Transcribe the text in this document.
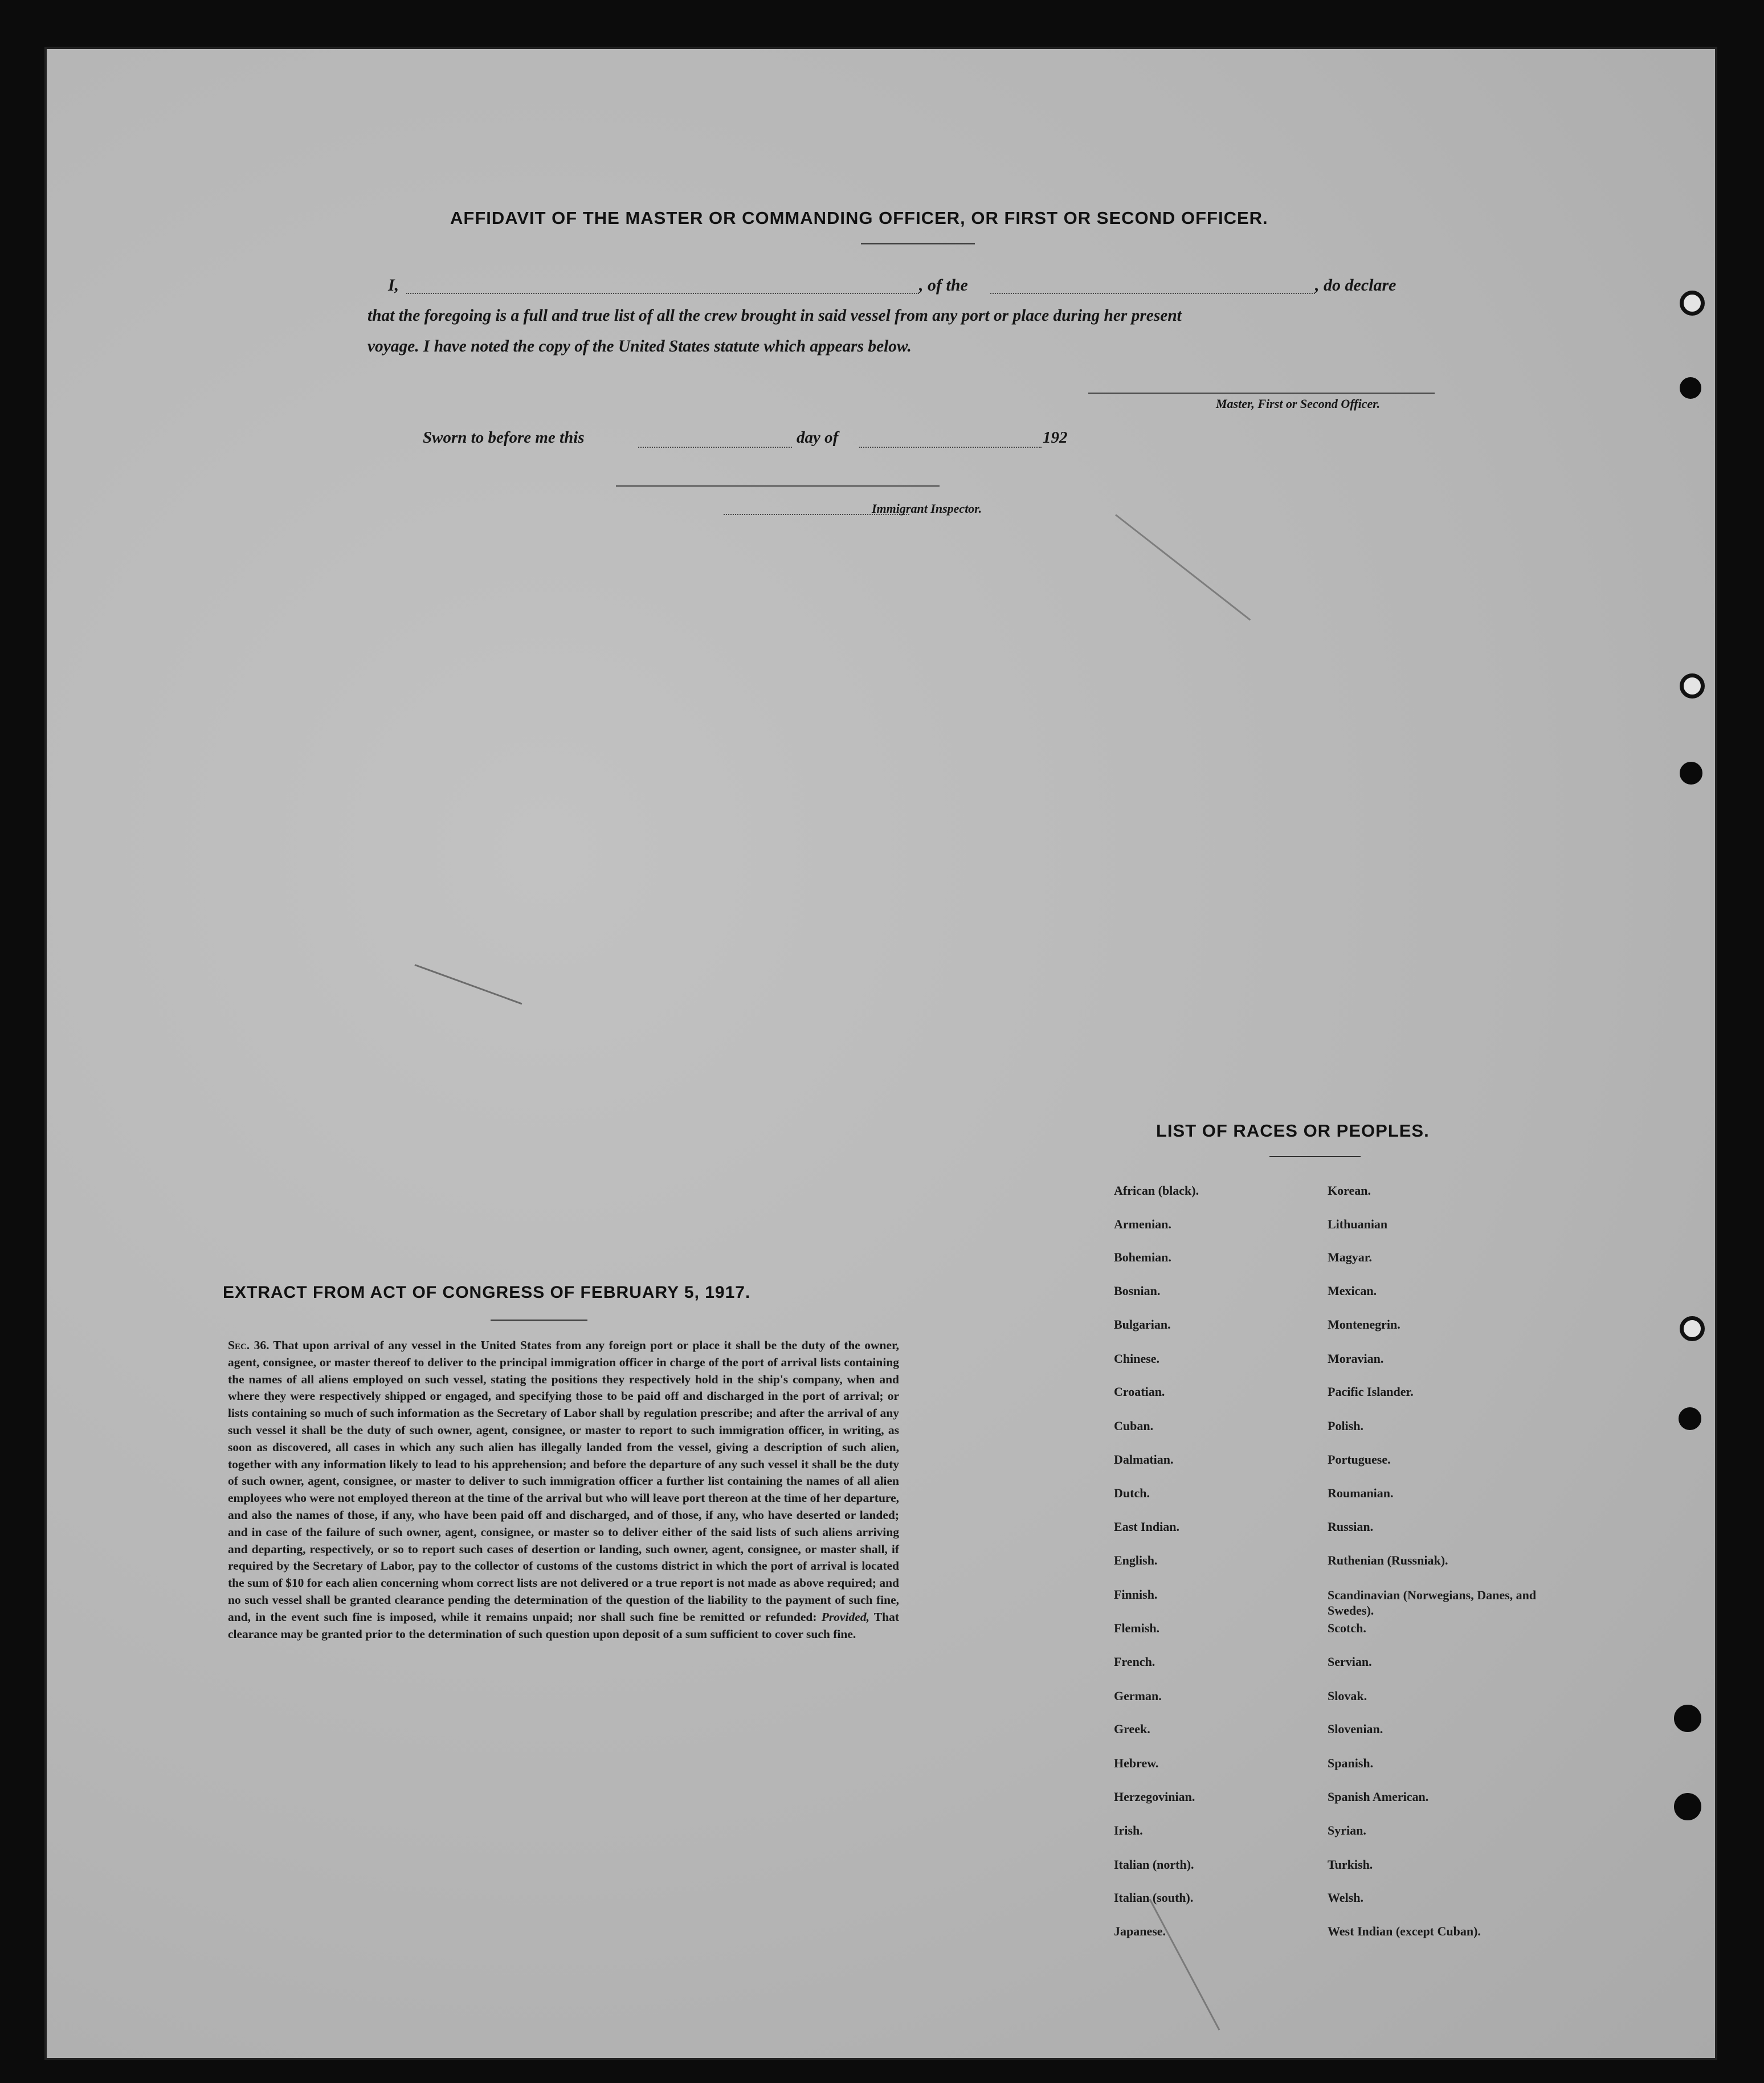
AFFIDAVIT OF THE MASTER OR COMMANDING OFFICER, OR FIRST OR SECOND OFFICER.
I,	, of the	, do declare
that the foregoing is a full and true list of all the crew brought in said vessel from any port or place during her present
voyage. I have noted the copy of the United States statute which appears below.
Master, First or Second Officer.
Sworn to before me this	day of	192
Immigrant Inspector.
EXTRACT FROM ACT OF CONGRESS OF FEBRUARY 5, 1917.
Sec. 36. That upon arrival of any vessel in the United States from any foreign port or place it shall be the duty of the owner, agent, consignee, or master thereof to deliver to the principal immigration officer in charge of the port of arrival lists containing the names of all aliens employed on such vessel, stating the positions they respectively hold in the ship's company, when and where they were respectively shipped or engaged, and specifying those to be paid off and discharged in the port of arrival; or lists containing so much of such information as the Secretary of Labor shall by regulation prescribe; and after the arrival of any such vessel it shall be the duty of such owner, agent, consignee, or master to report to such immigration officer, in writing, as soon as discovered, all cases in which any such alien has illegally landed from the vessel, giving a description of such alien, together with any information likely to lead to his apprehension; and before the departure of any such vessel it shall be the duty of such owner, agent, consignee, or master to deliver to such immigration officer a further list containing the names of all alien employees who were not employed thereon at the time of the arrival but who will leave port thereon at the time of her departure, and also the names of those, if any, who have been paid off and discharged, and of those, if any, who have deserted or landed; and in case of the failure of such owner, agent, consignee, or master so to deliver either of the said lists of such aliens arriving and departing, respectively, or so to report such cases of desertion or landing, such owner, agent, consignee, or master shall, if required by the Secretary of Labor, pay to the collector of customs of the customs district in which the port of arrival is located the sum of $10 for each alien concerning whom correct lists are not delivered or a true report is not made as above required; and no such vessel shall be granted clearance pending the determination of the question of the liability to the payment of such fine, and, in the event such fine is imposed, while it remains unpaid; nor shall such fine be remitted or refunded: Provided, That clearance may be granted prior to the determination of such question upon deposit of a sum sufficient to cover such fine.
LIST OF RACES OR PEOPLES.
African (black).
Armenian.
Bohemian.
Bosnian.
Bulgarian.
Chinese.
Croatian.
Cuban.
Dalmatian.
Dutch.
East Indian.
English.
Finnish.
Flemish.
French.
German.
Greek.
Hebrew.
Herzegovinian.
Irish.
Italian (north).
Italian (south).
Japanese.
Korean.
Lithuanian
Magyar.
Mexican.
Montenegrin.
Moravian.
Pacific Islander.
Polish.
Portuguese.
Roumanian.
Russian.
Ruthenian (Russniak).
Scandinavian (Norwegians, Danes, and Swedes).
Scotch.
Servian.
Slovak.
Slovenian.
Spanish.
Spanish American.
Syrian.
Turkish.
Welsh.
West Indian (except Cuban).
